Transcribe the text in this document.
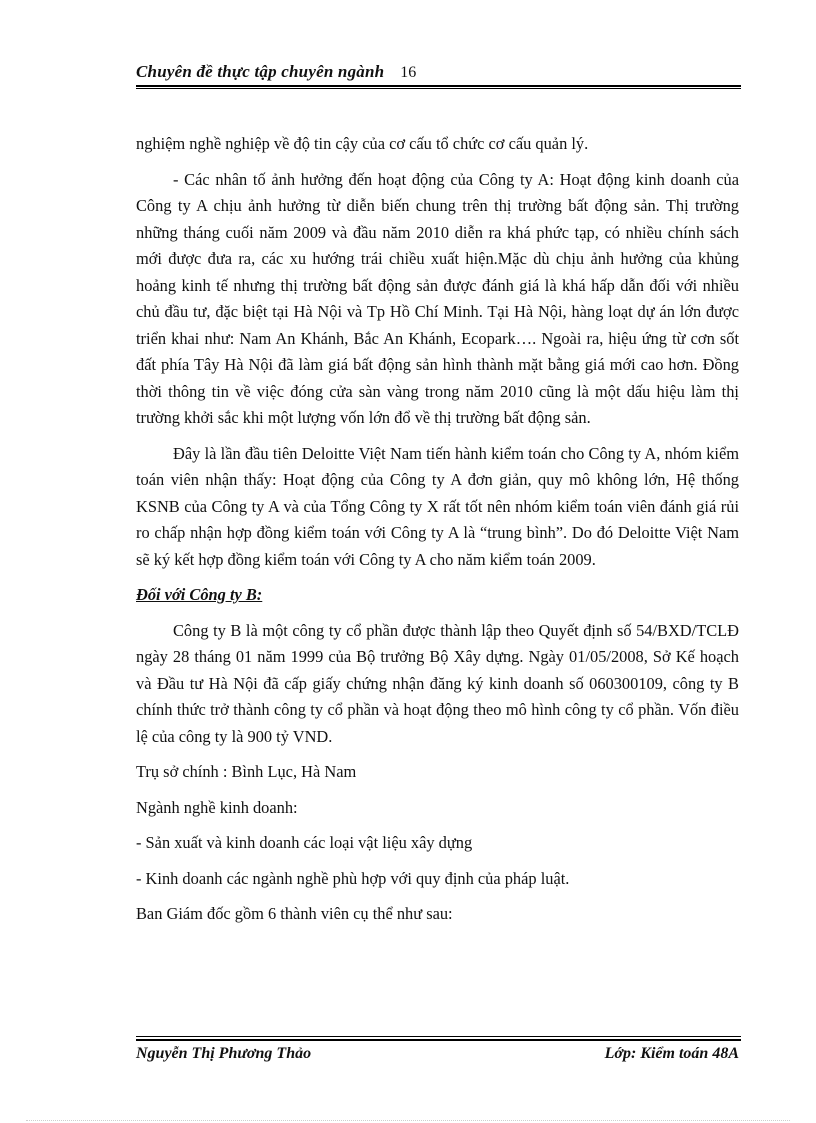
Chuyên đề thực tập chuyên ngành 16

nghiệm nghề nghiệp về độ tin cậy của cơ cấu tổ chức cơ cấu quản lý.

- Các nhân tố ảnh hưởng đến hoạt động của Công ty A: Hoạt động kinh doanh của Công ty A chịu ảnh hưởng từ diễn biến chung trên thị trường bất động sản. Thị trường những tháng cuối năm 2009 và đầu năm 2010 diễn ra khá phức tạp, có nhiều chính sách mới được đưa ra, các xu hướng trái chiều xuất hiện.Mặc dù chịu ảnh hưởng của khủng hoảng kinh tế nhưng thị trường bất động sản được đánh giá là khá hấp dẫn đối với nhiều chủ đầu tư, đặc biệt tại Hà Nội và Tp Hồ Chí Minh. Tại Hà Nội, hàng loạt dự án lớn được triển khai như: Nam An Khánh, Bắc An Khánh, Ecopark…. Ngoài ra, hiệu ứng từ cơn sốt đất phía Tây Hà Nội đã làm giá bất động sản hình thành mặt bằng giá mới cao hơn. Đồng thời thông tin về việc đóng cửa sàn vàng trong năm 2010 cũng là một dấu hiệu làm thị trường khởi sắc khi một lượng vốn lớn đổ về thị trường bất động sản.

Đây là lần đầu tiên Deloitte Việt Nam tiến hành kiểm toán cho Công ty A, nhóm kiểm toán viên nhận thấy: Hoạt động của Công ty A đơn giản, quy mô không lớn, Hệ thống KSNB của Công ty A và của Tổng Công ty X rất tốt nên nhóm kiểm toán viên đánh giá rủi ro chấp nhận hợp đồng kiểm toán với Công ty A là “trung bình”. Do đó Deloitte Việt Nam sẽ ký kết hợp đồng kiểm toán với Công ty A cho năm kiểm toán 2009.

Đối với Công ty B:

Công ty B là một công ty cổ phần được thành lập theo Quyết định số 54/BXD/TCLĐ ngày 28 tháng 01 năm 1999 của Bộ trưởng Bộ Xây dựng. Ngày 01/05/2008, Sở Kế hoạch và Đầu tư Hà Nội đã cấp giấy chứng nhận đăng ký kinh doanh số 060300109, công ty B chính thức trở thành công ty cổ phần và hoạt động theo mô hình công ty cổ phần. Vốn điều lệ của công ty là 900 tỷ VND.

Trụ sở chính : Bình Lục, Hà Nam

Ngành nghề kinh doanh:

- Sản xuất và kinh doanh các loại vật liệu xây dựng

- Kinh doanh các ngành nghề phù hợp với quy định của pháp luật.

Ban Giám đốc gồm 6 thành viên cụ thể như sau:

Nguyễn Thị Phương Thảo	Lớp: Kiểm toán 48A
